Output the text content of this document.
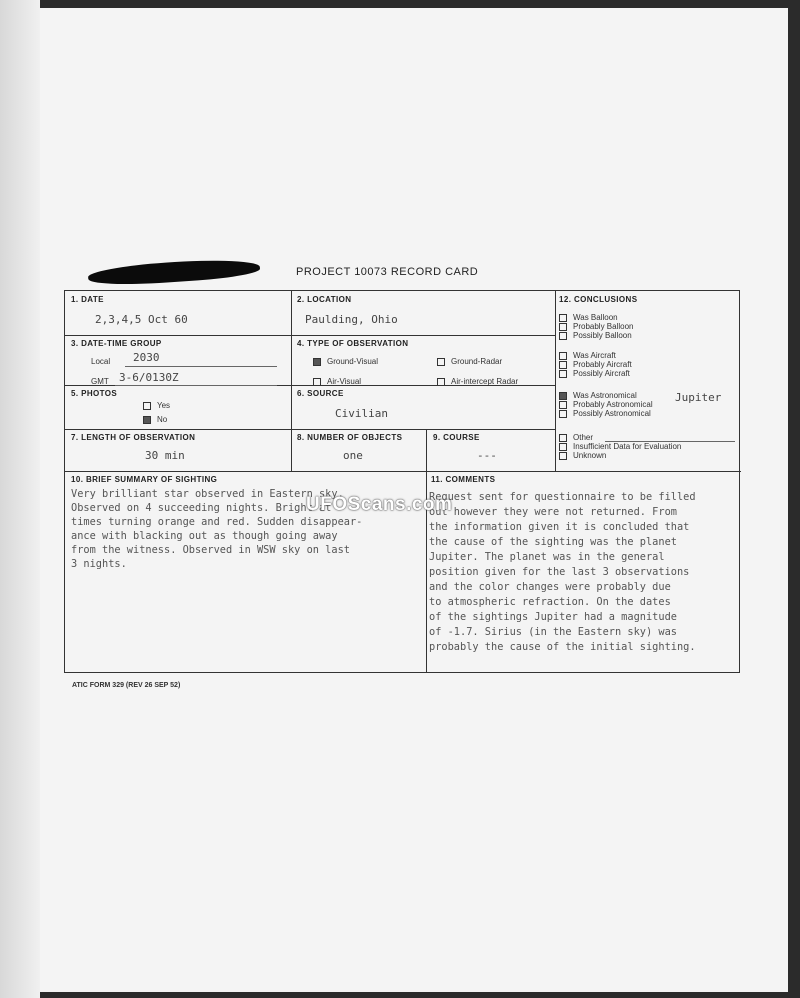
PROJECT 10073 RECORD CARD
1. DATE
2,3,4,5 Oct 60
2. LOCATION
Paulding, Ohio
3. DATE-TIME GROUP
Local 2030
GMT 3-6/0130Z
4. TYPE OF OBSERVATION
Ground-Visual	Ground-Radar
Air-Visual	Air-intercept Radar
5. PHOTOS
Yes
No
6. SOURCE
Civilian
7. LENGTH OF OBSERVATION
30 min
8. NUMBER OF OBJECTS
one
9. COURSE
---
12. CONCLUSIONS
Was Balloon
Probably Balloon
Possibly Balloon
Was Aircraft
Probably Aircraft
Possibly Aircraft
Was Astronomical
Probably Astronomical
Possibly Astronomical
Jupiter
Other
Insufficient Data for Evaluation
Unknown
10. BRIEF SUMMARY OF SIGHTING
Very brilliant star observed in Eastern sky.
Observed on 4 succeeding nights. Bright at
times turning orange and red. Sudden disappear-
ance with blacking out as though going away
from the witness. Observed in WSW sky on last
3 nights.
11. COMMENTS
Request sent for questionnaire to be filled
out however they were not returned. From
the information given it is concluded that
the cause of the sighting was the planet
Jupiter. The planet was in the general
position given for the last 3 observations
and the color changes were probably due
to atmospheric refraction. On the dates
of the sightings Jupiter had a magnitude
of -1.7. Sirius (in the Eastern sky) was
probably the cause of the initial sighting.
UFOScans.com
ATIC FORM 329 (REV 26 SEP 52)
